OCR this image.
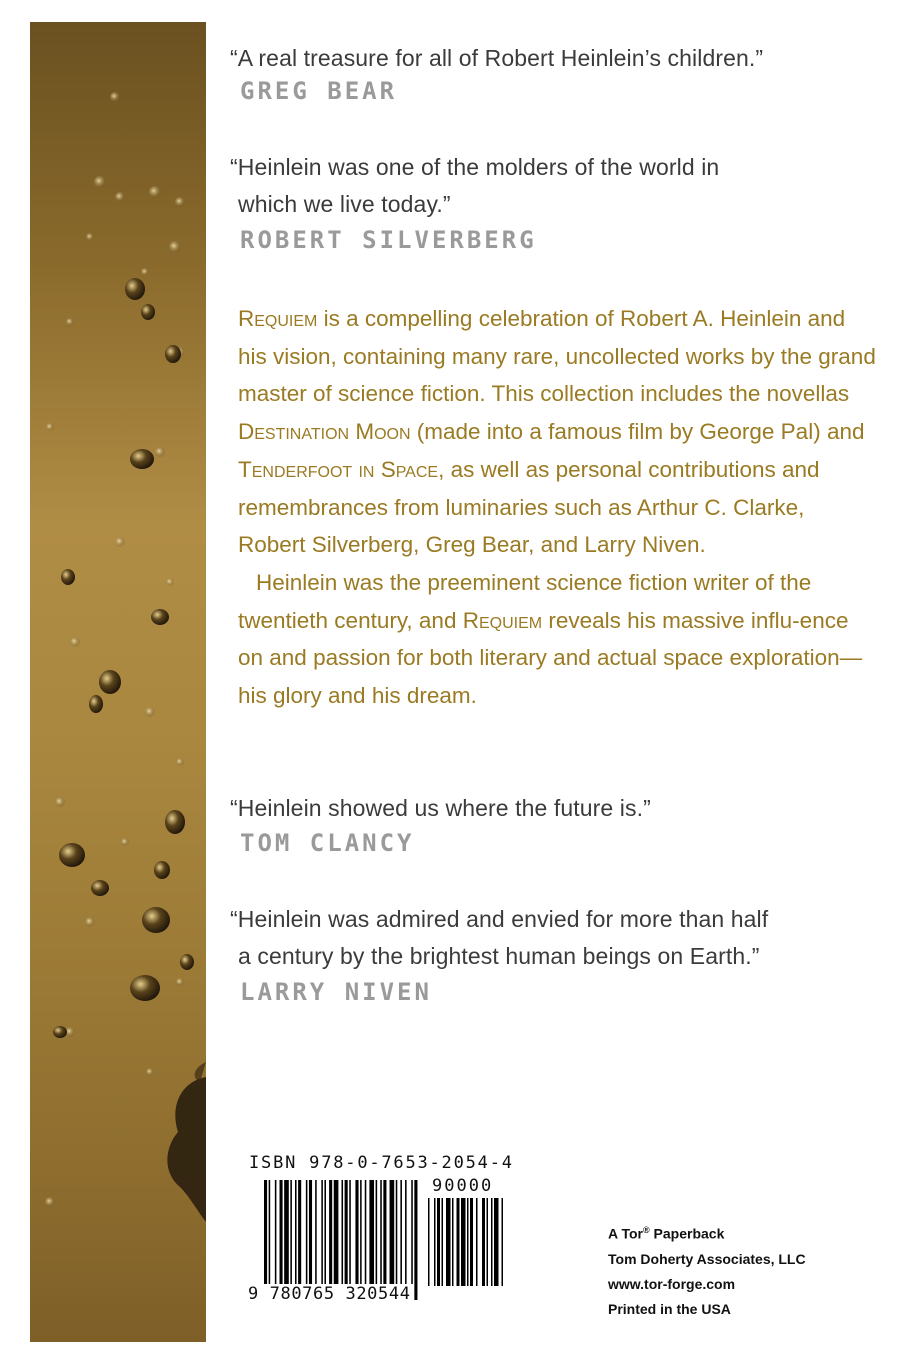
“A real treasure for all of Robert Heinlein’s children.”
GREG BEAR
“Heinlein was one of the molders of the world in
which we live today.”
ROBERT SILVERBERG

Requiem is a compelling celebration of Robert A. Heinlein and his vision, containing many rare, uncollected works by the grand master of science fiction. This collection includes the novellas Destination Moon (made into a famous film by George Pal) and Tenderfoot in Space, as well as personal contributions and remembrances from luminaries such as Arthur C. Clarke, Robert Silverberg, Greg Bear, and Larry Niven.

Heinlein was the preeminent science fiction writer of the twentieth century, and Requiem reveals his massive influ-ence on and passion for both literary and actual space exploration—his glory and his dream.

“Heinlein showed us where the future is.”
TOM CLANCY
“Heinlein was admired and envied for more than half
a century by the brightest human beings on Earth.”
LARRY NIVEN
ISBN 978-0-7653-2054-4
90000
9 780765 320544
A Tor® Paperback
Tom Doherty Associates, LLC
www.tor-forge.com
Printed in the USA
